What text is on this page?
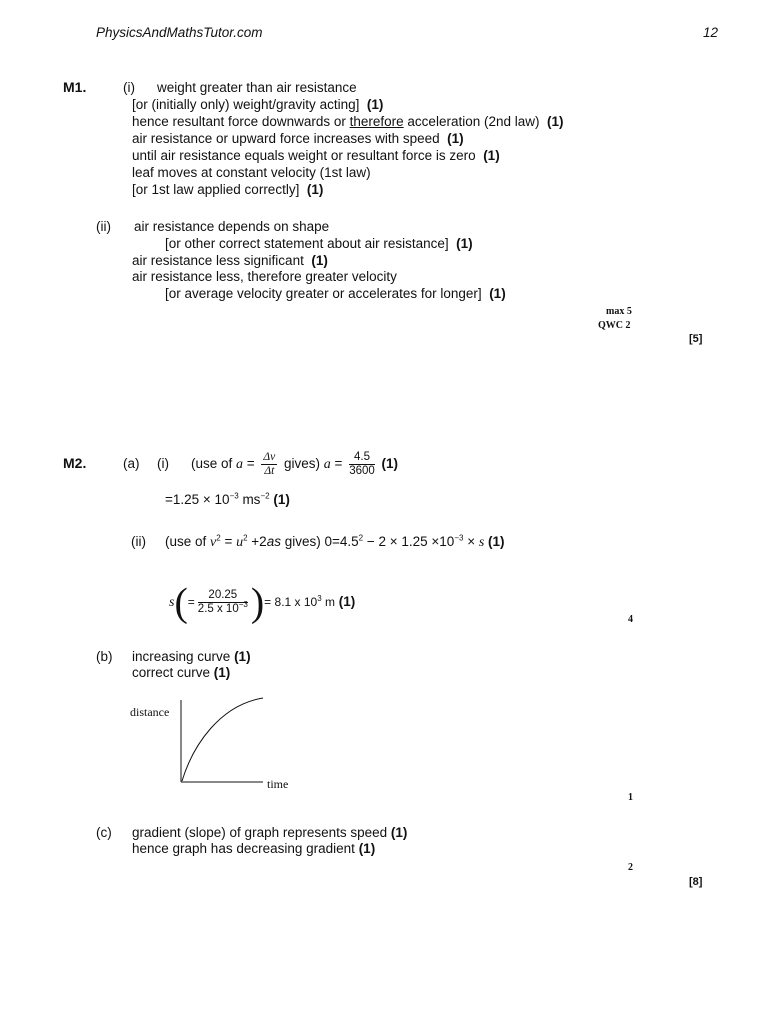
PhysicsAndMathsTutor.com	12
M1.	(i) weight greater than air resistance
[or (initially only) weight/gravity acting] (1)
hence resultant force downwards or therefore acceleration (2nd law) (1)
air resistance or upward force increases with speed (1)
until air resistance equals weight or resultant force is zero (1)
leaf moves at constant velocity (1st law)
[or 1st law applied correctly] (1)
(ii) air resistance depends on shape
[or other correct statement about air resistance] (1)
air resistance less significant (1)
air resistance less, therefore greater velocity
[or average velocity greater or accelerates for longer] (1)
max 5
QWC 2
[5]
M2.	(a) (i) (use of $a = \frac{\Delta v}{\Delta t}$ gives) $a = \frac{4.5}{3600} (1)$
$=1.25 \times 10^{-3}$ $ms^{-2}$ (1)
(ii) (use of $v^2 = u^2 +2as$ gives) $0=4.5^2 - 2 \times 1.25 \times 10^{-3} \times s$ (1)
$s(= \frac{20.25}{2.5 x 10^{-3}}$ )= 8.1 x $10^3$ m (1)
4
(b) increasing curve (1)
correct curve (1)
distance
time
1
(c) gradient (slope) of graph represents speed (1)
hence graph has decreasing gradient (1)
2
[8]
